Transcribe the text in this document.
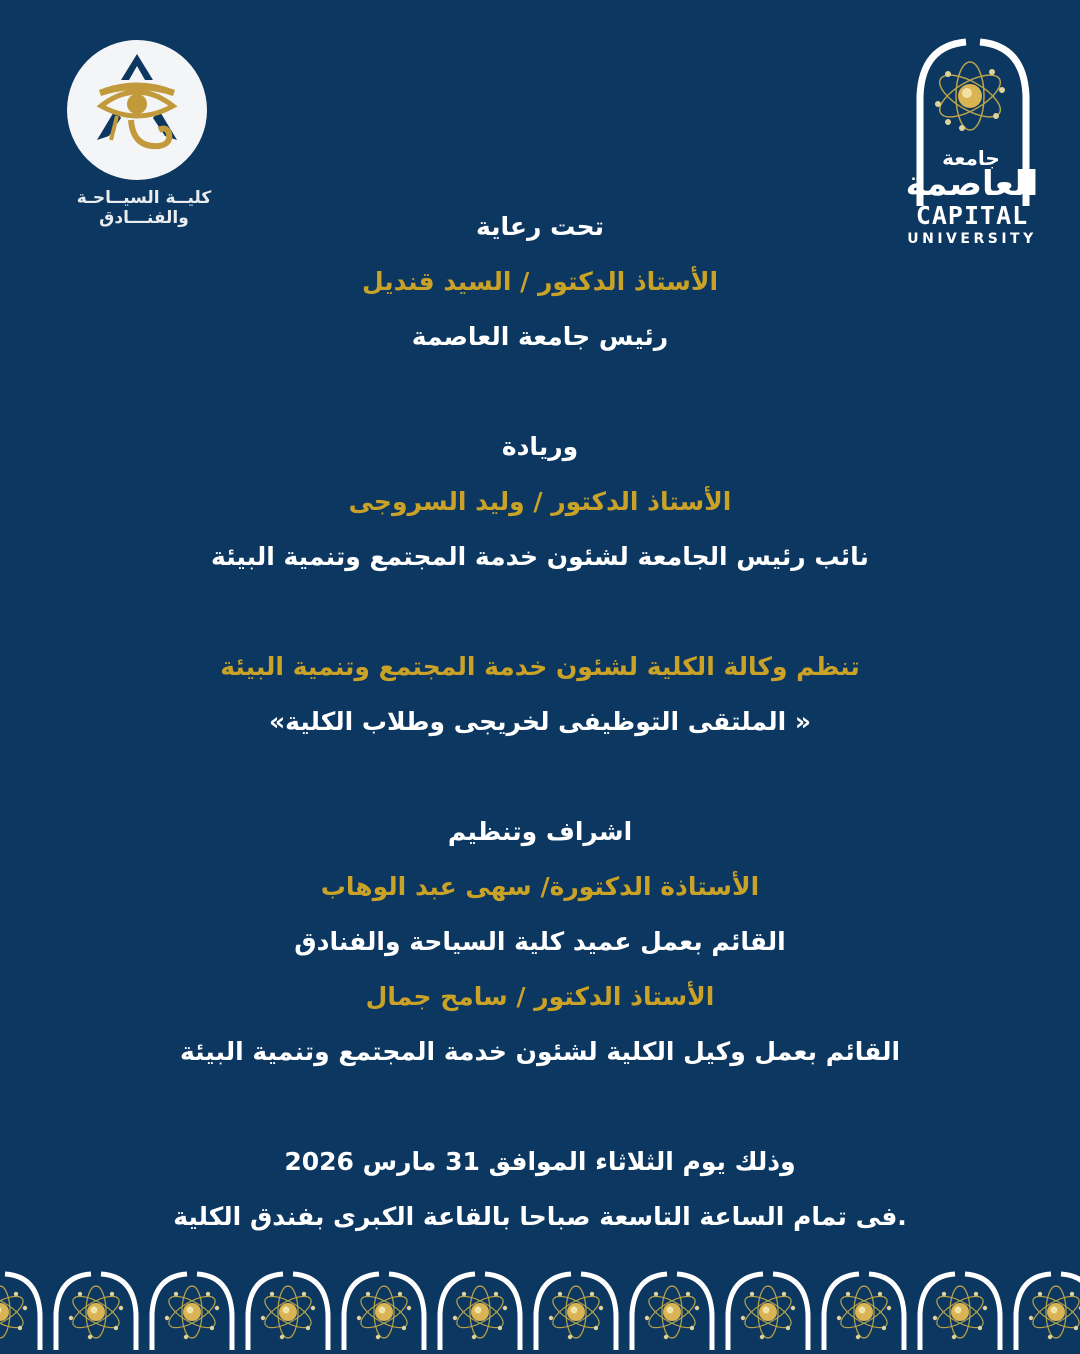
كليــة السيــاحـة والفنـــادق
جامعة
العاصمة
CAPITAL
UNIVERSITY
تحت رعاية
الأستاذ الدكتور / السيد قنديل
رئيس جامعة العاصمة
وريادة
الأستاذ الدكتور / وليد السروجى
نائب رئيس الجامعة لشئون خدمة المجتمع وتنمية البيئة
تنظم وكالة الكلية لشئون خدمة المجتمع وتنمية البيئة
« الملتقى التوظيفى لخريجى وطلاب الكلية»
اشراف وتنظيم
الأستاذة الدكتورة/ سهى عبد الوهاب
القائم بعمل عميد كلية السياحة والفنادق
الأستاذ الدكتور / سامح جمال
القائم بعمل وكيل الكلية لشئون خدمة المجتمع وتنمية البيئة
وذلك يوم الثلاثاء الموافق 31 مارس 2026
.فى تمام الساعة التاسعة صباحا بالقاعة الكبرى بفندق الكلية
